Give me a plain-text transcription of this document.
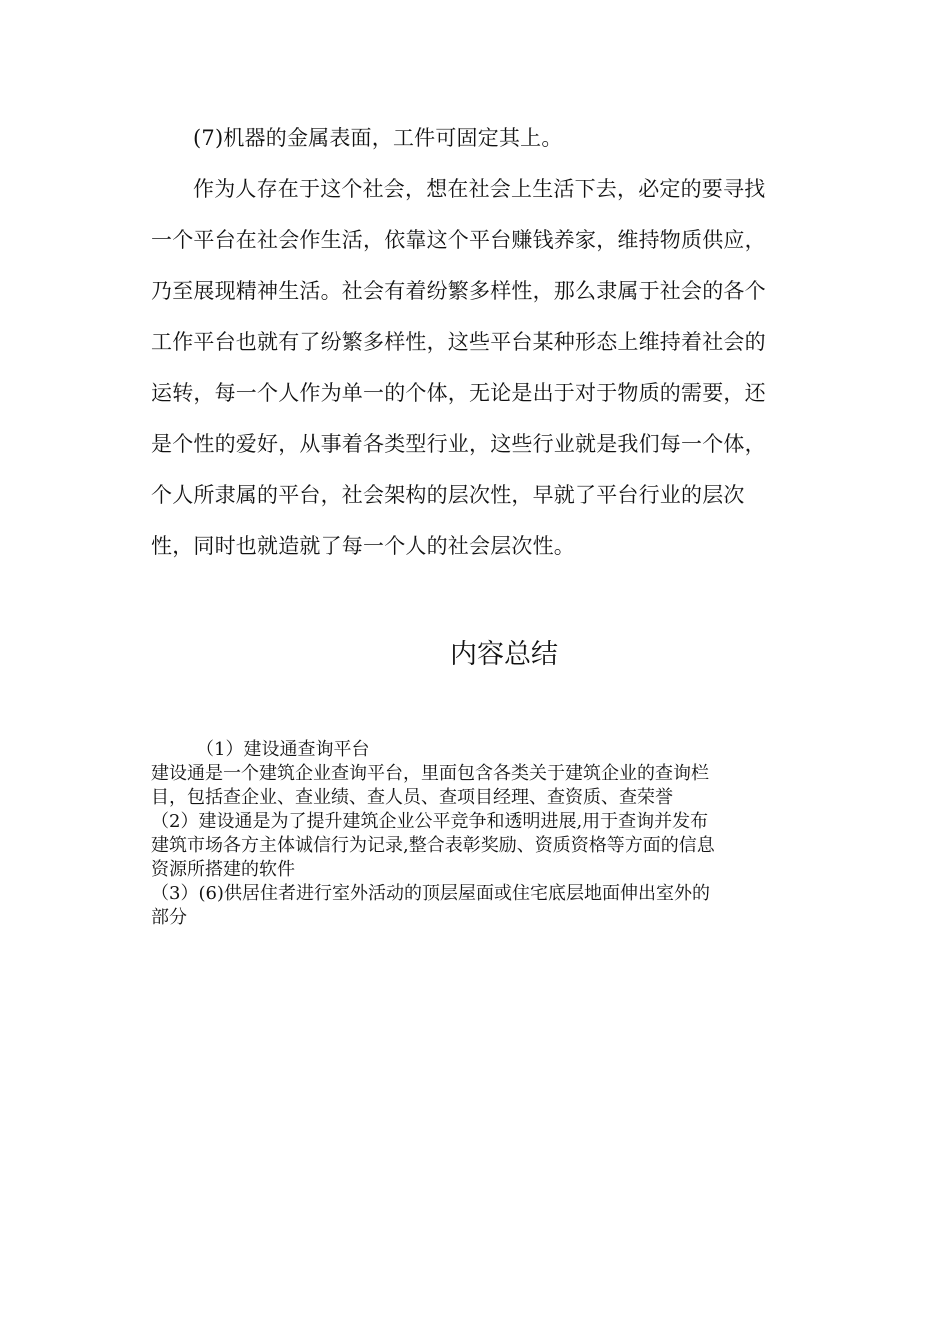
(7)机器的金属表面，工件可固定其上。
作为人存在于这个社会，想在社会上生活下去，必定的要寻找
一个平台在社会作生活，依靠这个平台赚钱养家，维持物质供应，
乃至展现精神生活。社会有着纷繁多样性，那么隶属于社会的各个
工作平台也就有了纷繁多样性，这些平台某种形态上维持着社会的
运转，每一个人作为单一的个体，无论是出于对于物质的需要，还
是个性的爱好，从事着各类型行业，这些行业就是我们每一个体，
个人所隶属的平台，社会架构的层次性，早就了平台行业的层次
性，同时也就造就了每一个人的社会层次性。
内容总结
（1）建设通查询平台
建设通是一个建筑企业查询平台，里面包含各类关于建筑企业的查询栏
目，包括查企业、查业绩、查人员、查项目经理、查资质、查荣誉
（2）建设通是为了提升建筑企业公平竞争和透明进展,用于查询并发布
建筑市场各方主体诚信行为记录,整合表彰奖励、资质资格等方面的信息
资源所搭建的软件
（3）(6)供居住者进行室外活动的顶层屋面或住宅底层地面伸出室外的
部分
